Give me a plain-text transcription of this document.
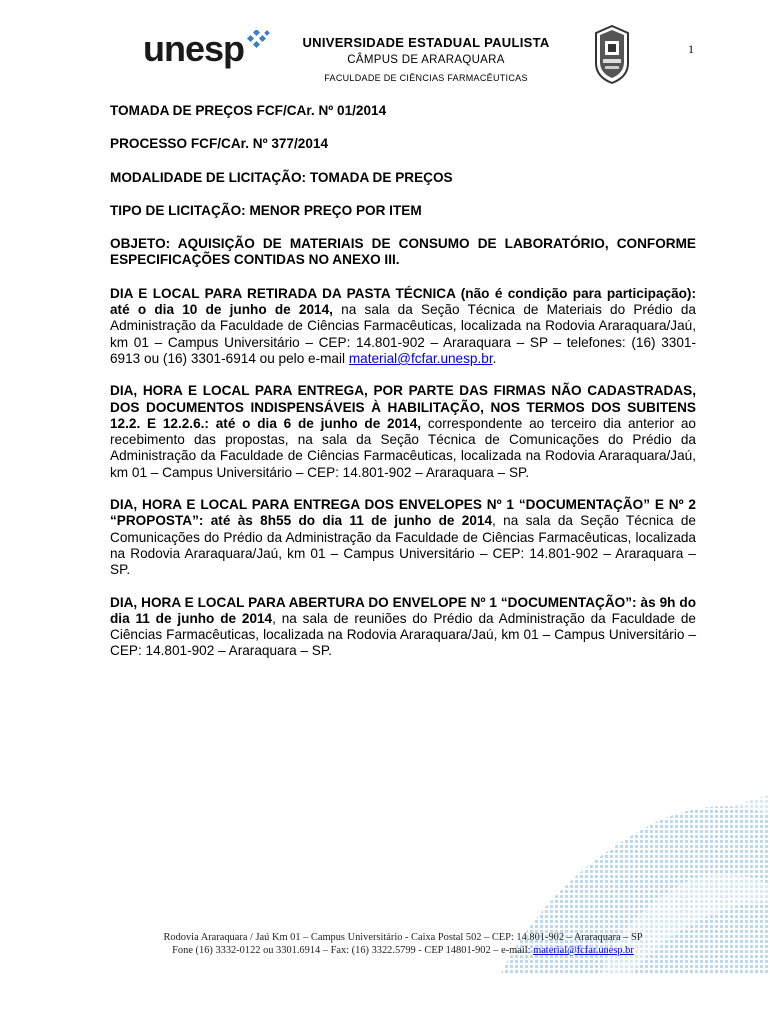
unesp	UNIVERSIDADE ESTADUAL PAULISTA
CÂMPUS DE ARARAQUARA
FACULDADE DE CIÊNCIAS FARMACÊUTICAS
1
TOMADA DE PREÇOS FCF/CAr. Nº 01/2014
PROCESSO FCF/CAr. Nº 377/2014
MODALIDADE DE LICITAÇÃO: TOMADA DE PREÇOS
TIPO DE LICITAÇÃO: MENOR PREÇO POR ITEM
OBJETO: AQUISIÇÃO DE MATERIAIS DE CONSUMO DE LABORATÓRIO, CONFORME ESPECIFICAÇÕES CONTIDAS NO ANEXO III.
DIA E LOCAL PARA RETIRADA DA PASTA TÉCNICA (não é condição para participação): até o dia 10 de junho de 2014, na sala da Seção Técnica de Materiais do Prédio da Administração da Faculdade de Ciências Farmacêuticas, localizada na Rodovia Araraquara/Jaú, km 01 – Campus Universitário – CEP: 14.801-902 – Araraquara – SP – telefones: (16) 3301-6913 ou (16) 3301-6914 ou pelo e-mail material@fcfar.unesp.br.
DIA, HORA E LOCAL PARA ENTREGA, POR PARTE DAS FIRMAS NÃO CADASTRADAS, DOS DOCUMENTOS INDISPENSÁVEIS À HABILITAÇÃO, NOS TERMOS DOS SUBITENS 12.2. E 12.2.6.: até o dia 6 de junho de 2014, correspondente ao terceiro dia anterior ao recebimento das propostas, na sala da Seção Técnica de Comunicações do Prédio da Administração da Faculdade de Ciências Farmacêuticas, localizada na Rodovia Araraquara/Jaú, km 01 – Campus Universitário – CEP: 14.801-902 – Araraquara – SP.
DIA, HORA E LOCAL PARA ENTREGA DOS ENVELOPES Nº 1 “DOCUMENTAÇÃO” E Nº 2 “PROPOSTA”: até às 8h55 do dia 11 de junho de 2014, na sala da Seção Técnica de Comunicações do Prédio da Administração da Faculdade de Ciências Farmacêuticas, localizada na Rodovia Araraquara/Jaú, km 01 – Campus Universitário – CEP: 14.801-902 – Araraquara – SP.
DIA, HORA E LOCAL PARA ABERTURA DO ENVELOPE Nº 1 “DOCUMENTAÇÃO”: às 9h do dia 11 de junho de 2014, na sala de reuniões do Prédio da Administração da Faculdade de Ciências Farmacêuticas, localizada na Rodovia Araraquara/Jaú, km 01 – Campus Universitário – CEP: 14.801-902 – Araraquara – SP.
Rodovia Araraquara / Jaú Km 01 – Campus Universitário - Caixa Postal 502 – CEP: 14.801-902 – Araraquara – SP
Fone (16) 3332-0122 ou 3301.6914 – Fax: (16) 3322.5799 - CEP 14801-902 – e-mail: material@fcfar.unesp.br
